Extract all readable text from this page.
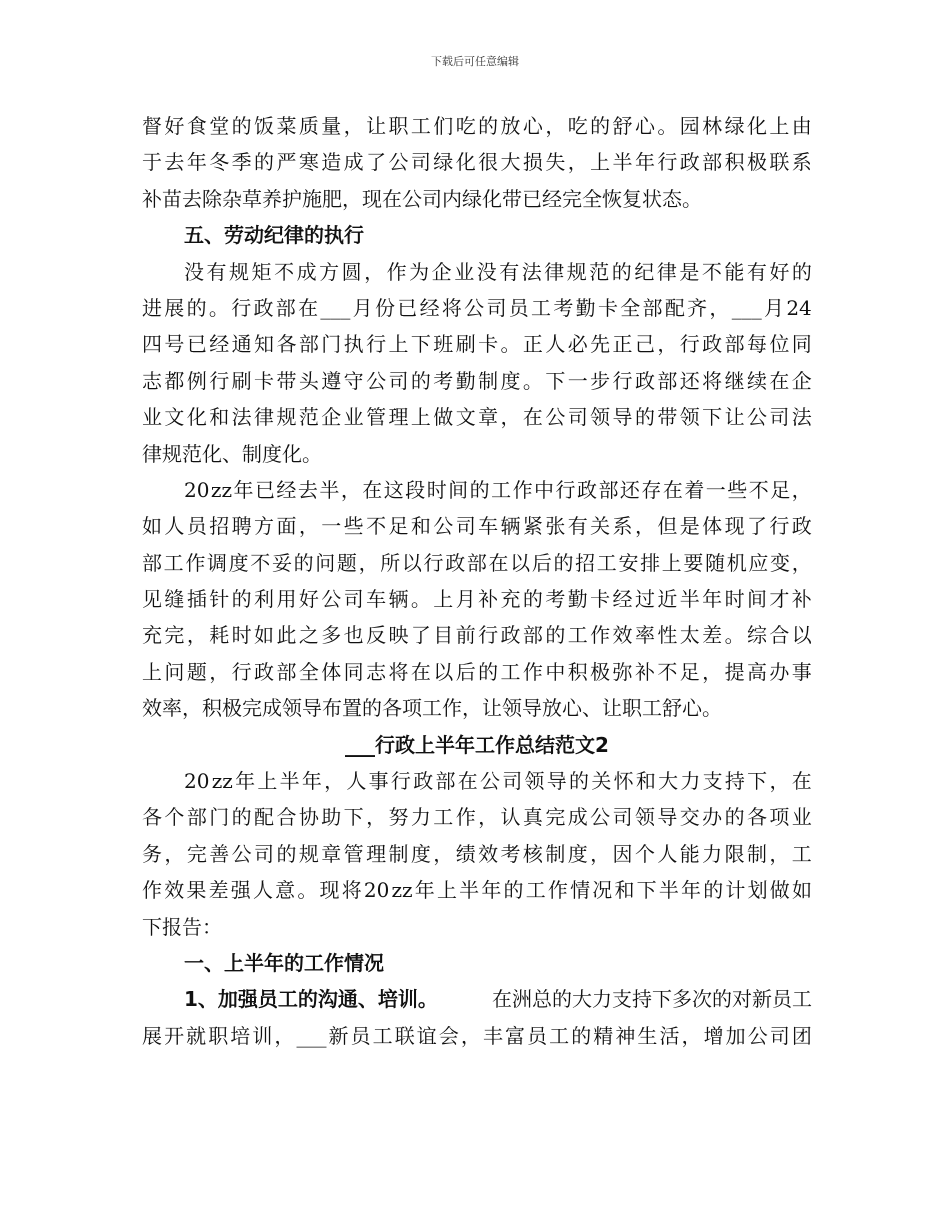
下载后可任意编辑
督 好 食 堂 的 饭 菜 质 量 ， 让 职 工 们 吃 的 放 心 ， 吃 的 舒 心 。 园 林 绿 化 上 由
于 去 年 冬 季 的 严 寒 造 成 了 公 司 绿 化 很 大 损 失 ， 上 半 年 行 政 部 积 极 联 系
补苗去除杂草养护施肥，现在公司内绿化带已经完全恢复状态。
五、劳动纪律的执行
没 有 规 矩 不 成 方 圆 ， 作 为 企 业 没 有 法 律 规 范 的 纪 律 是 不 能 有 好 的
进 展 的 。 行 政 部 在 ___ 月 份 已 经 将 公 司 员 工 考 勤 卡 全 部 配 齐 ， ___ 月 24
四 号 已 经 通 知 各 部 门 执 行 上 下 班 刷 卡 。 正 人 必 先 正 己 ， 行 政 部 每 位 同
志 都 例 行 刷 卡 带 头 遵 守 公 司 的 考 勤 制 度 。 下 一 步 行 政 部 还 将 继 续 在 企
业 文 化 和 法 律 规 范 企 业 管 理 上 做 文 章 ， 在 公 司 领 导 的 带 领 下 让 公 司 法
律规范化、制度化。
20 zz 年 已 经 去 半 ， 在 这 段 时 间 的 工 作 中 行 政 部 还 存 在 着 一 些 不 足 ，
如 人 员 招 聘 方 面 ， 一 些 不 足 和 公 司 车 辆 紧 张 有 关 系 ， 但 是 体 现 了 行 政
部 工 作 调 度 不 妥 的 问 题 ， 所 以 行 政 部 在 以 后 的 招 工 安 排 上 要 随 机 应 变 ，
见 缝 插 针 的 利 用 好 公 司 车 辆 。 上 月 补 充 的 考 勤 卡 经 过 近 半 年 时 间 才 补
充 完 ， 耗 时 如 此 之 多 也 反 映 了 目 前 行 政 部 的 工 作 效 率 性 太 差 。 综 合 以
上 问 题 ， 行 政 部 全 体 同 志 将 在 以 后 的 工 作 中 积 极 弥 补 不 足 ， 提 高 办 事
效率，积极完成领导布置的各项工作，让领导放心、让职工舒心。
___行政上半年工作总结范文2
20 zz 年 上 半 年 ， 人 事 行 政 部 在 公 司 领 导 的 关 怀 和 大 力 支 持 下 ， 在
各 个 部 门 的 配 合 协 助 下 ， 努 力 工 作 ， 认 真 完 成 公 司 领 导 交 办 的 各 项 业
务 ， 完 善 公 司 的 规 章 管 理 制 度 ， 绩 效 考 核 制 度 ， 因 个 人 能 力 限 制 ， 工
作 效 果 差 强 人 意 。 现 将 20 zz 年 上 半 年 的 工 作 情 况 和 下 半 年 的 计 划 做 如
下报告：
一、上半年的工作情况
1、加强员工的沟通、培训。	在洲总的大力支持下多次的对新员工
展 开 就 职 培 训 ， ___ 新 员 工 联 谊 会 ， 丰 富 员 工 的 精 神 生 活 ， 增 加 公 司 团
